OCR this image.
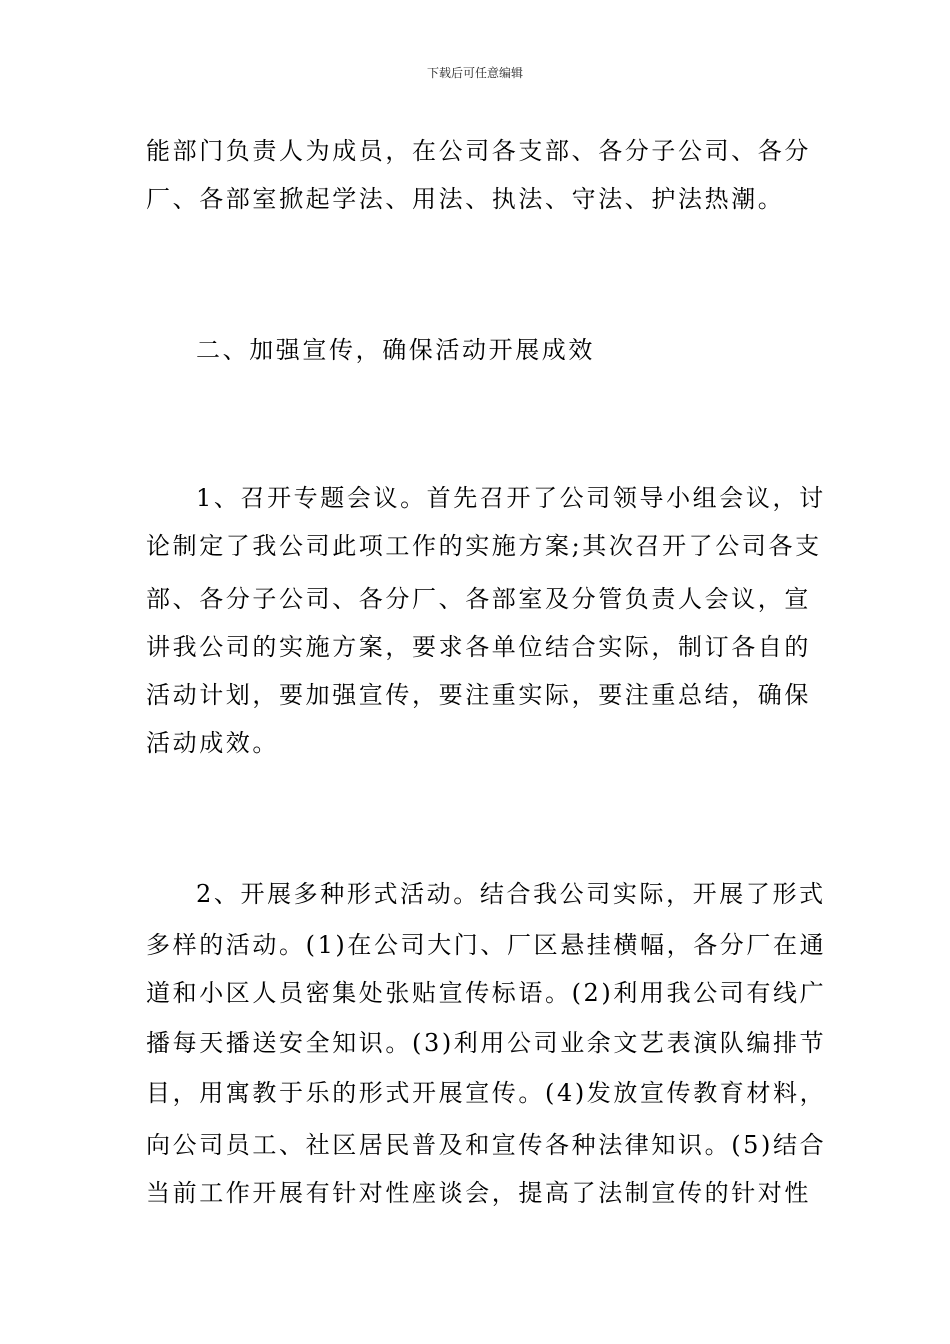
下载后可任意编辑
能部门负责人为成员，在公司各支部、各分子公司、各分
厂、各部室掀起学法、用法、执法、守法、护法热潮。
二、加强宣传，确保活动开展成效
1、召开专题会议。首先召开了公司领导小组会议，讨
论制定了我公司此项工作的实施方案;其次召开了公司各支
部、各分子公司、各分厂、各部室及分管负责人会议，宣
讲我公司的实施方案，要求各单位结合实际，制订各自的
活动计划，要加强宣传，要注重实际，要注重总结，确保
活动成效。
2、开展多种形式活动。结合我公司实际，开展了形式
多样的活动。(1)在公司大门、厂区悬挂横幅，各分厂在通
道和小区人员密集处张贴宣传标语。(2)利用我公司有线广
播每天播送安全知识。(3)利用公司业余文艺表演队编排节
目，用寓教于乐的形式开展宣传。(4)发放宣传教育材料，
向公司员工、社区居民普及和宣传各种法律知识。(5)结合
当前工作开展有针对性座谈会，提高了法制宣传的针对性
